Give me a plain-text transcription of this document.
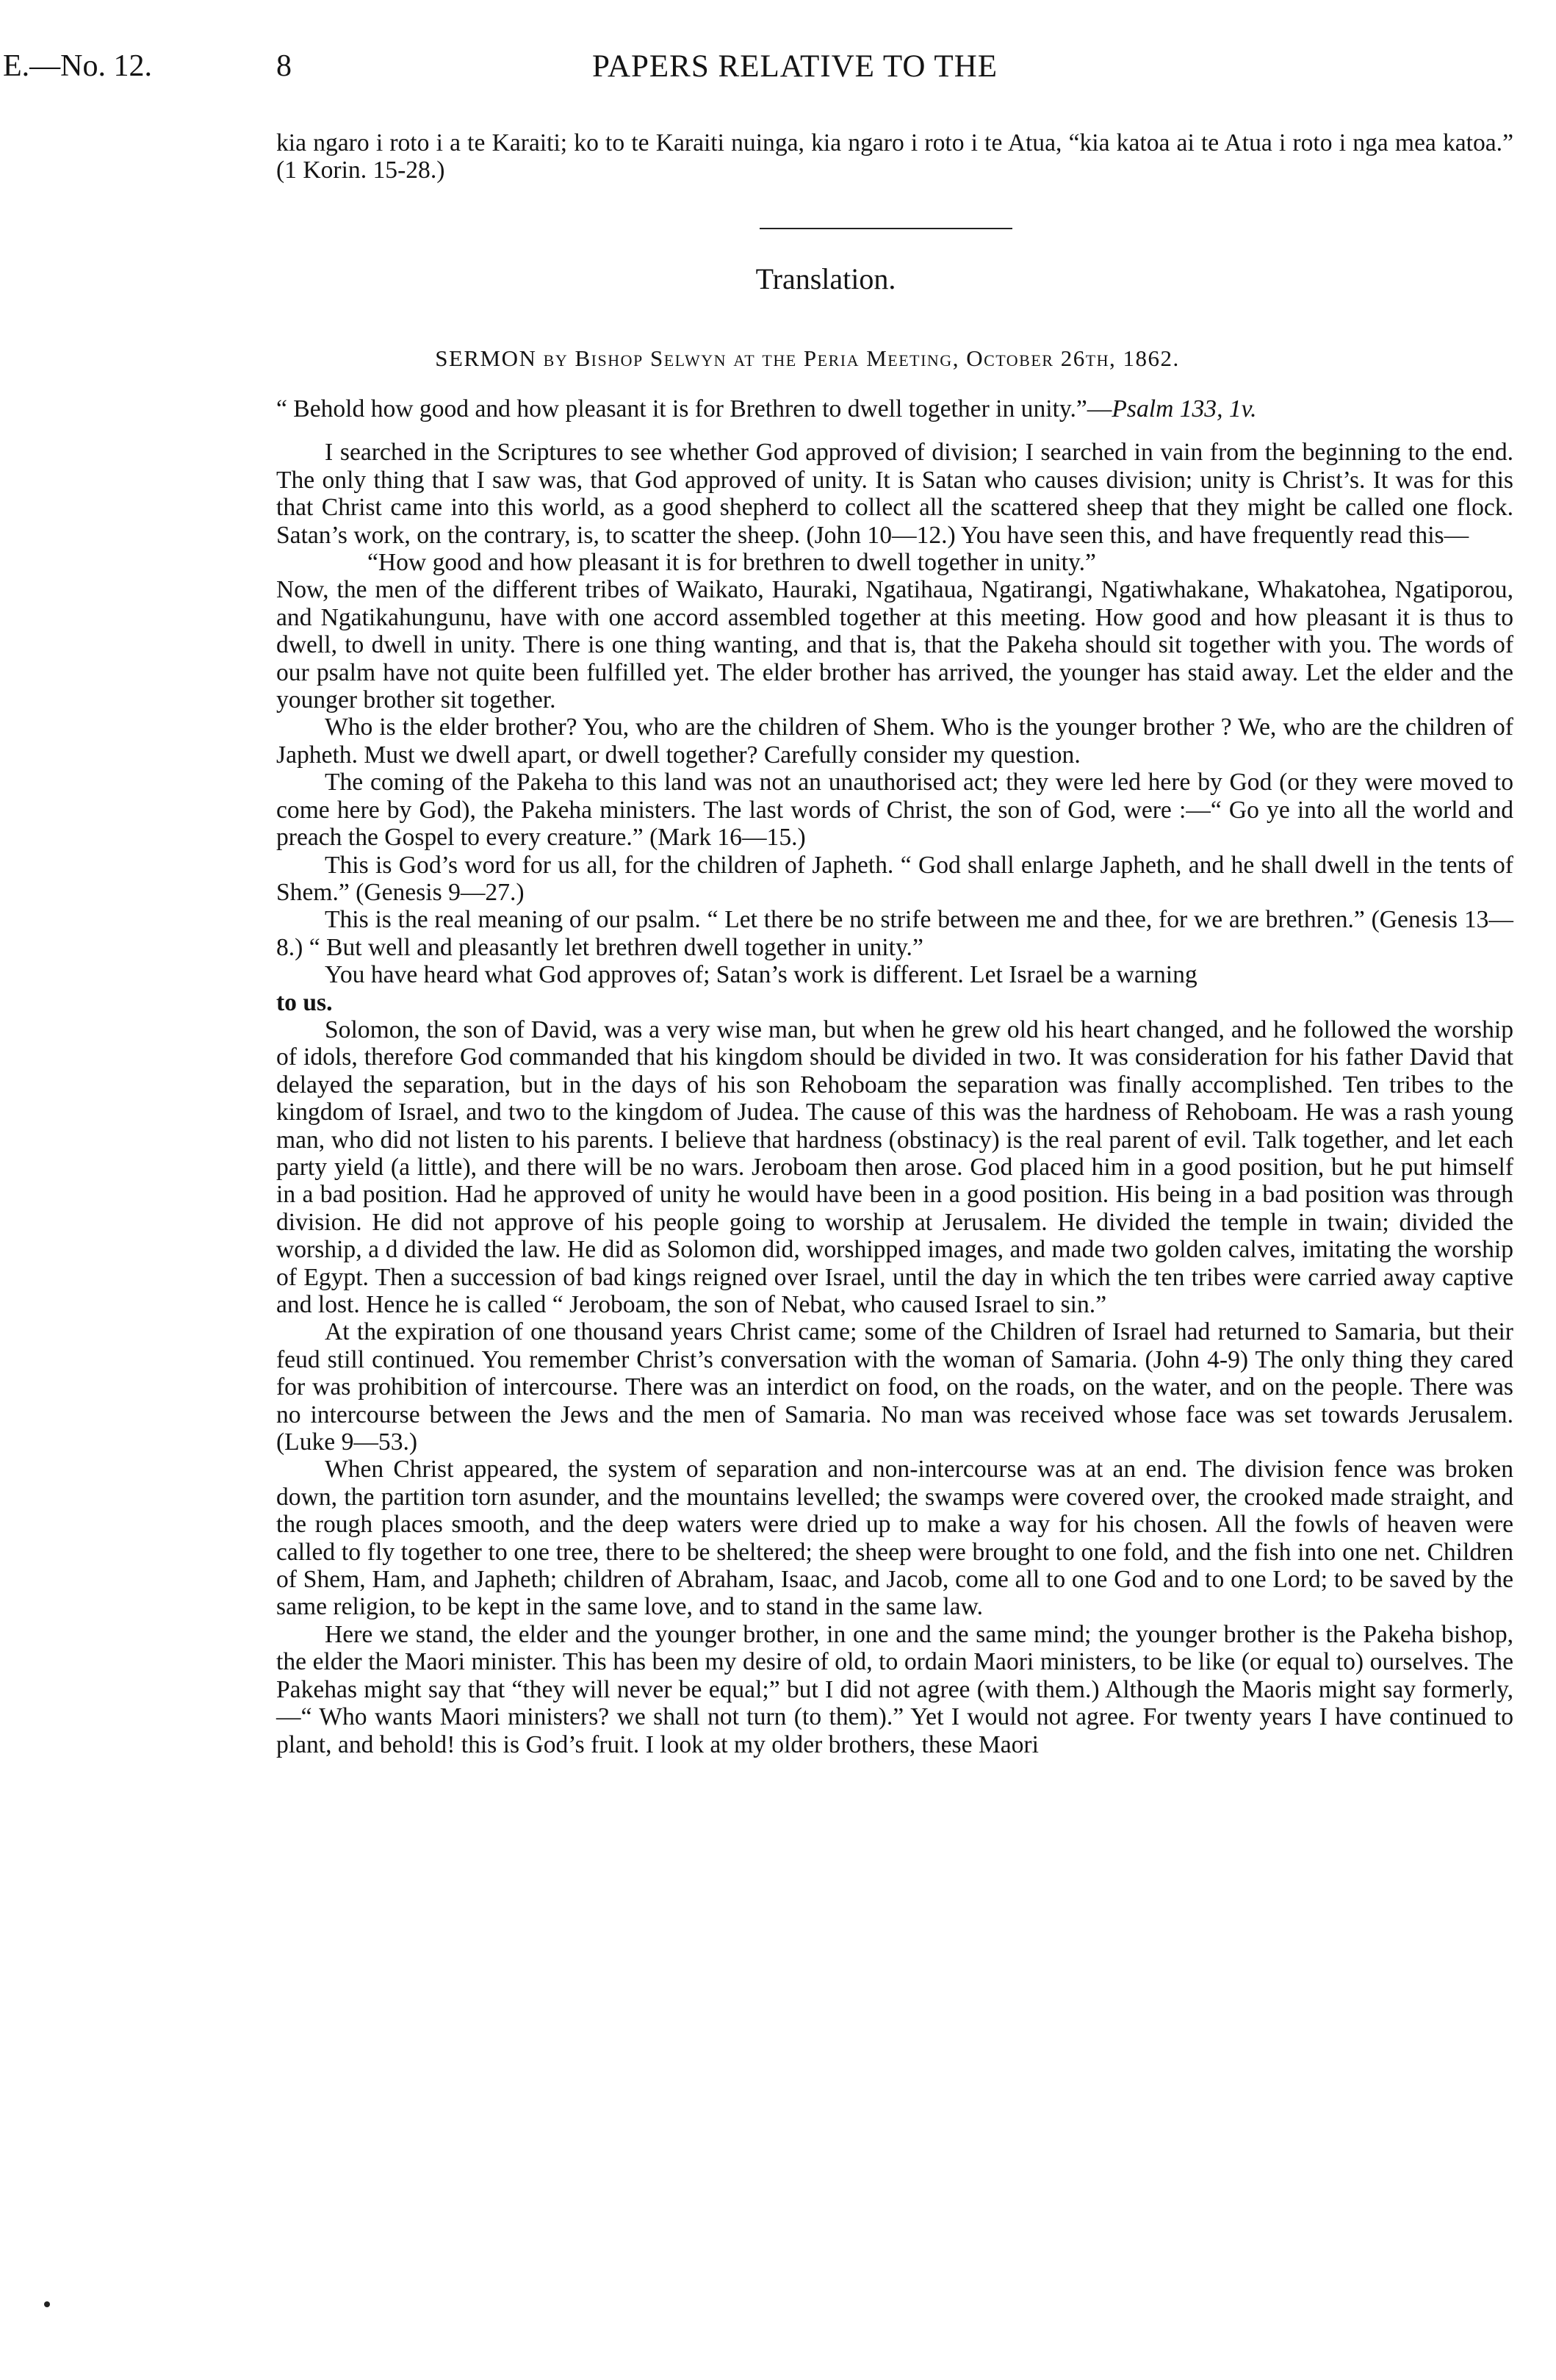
E.—No. 12.	8	PAPERS RELATIVE TO THE

kia ngaro i roto i a te Karaiti; ko to te Karaiti nuinga, kia ngaro i roto i te Atua, “kia katoa ai te Atua i roto i nga mea katoa.” (1 Korin. 15-28.)

Translation.
SERMON by Bishop Selwyn at the Peria Meeting, October 26th, 1862.

“ Behold how good and how pleasant it is for Brethren to dwell together in unity.”—Psalm 133, 1v.

I searched in the Scriptures to see whether God approved of division; I searched in vain from the beginning to the end. The only thing that I saw was, that God approved of unity. It is Satan who causes division; unity is Christ’s. It was for this that Christ came into this world, as a good shepherd to collect all the scattered sheep that they might be called one flock. Satan’s work, on the contrary, is, to scatter the sheep. (John 10—12.) You have seen this, and have frequently read this—

“How good and how pleasant it is for brethren to dwell together in unity.”

Now, the men of the different tribes of Waikato, Hauraki, Ngatihaua, Ngatirangi, Ngatiwhakane, Whakatohea, Ngatiporou, and Ngatikahungunu, have with one accord assembled together at this meeting. How good and how pleasant it is thus to dwell, to dwell in unity. There is one thing wanting, and that is, that the Pakeha should sit together with you. The words of our psalm have not quite been fulfilled yet. The elder brother has arrived, the younger has staid away. Let the elder and the younger brother sit together.

Who is the elder brother? You, who are the children of Shem. Who is the younger brother ? We, who are the children of Japheth. Must we dwell apart, or dwell together? Carefully consider my question.

The coming of the Pakeha to this land was not an unauthorised act; they were led here by God (or they were moved to come here by God), the Pakeha ministers. The last words of Christ, the son of God, were :—“ Go ye into all the world and preach the Gospel to every creature.” (Mark 16—15.)

This is God’s word for us all, for the children of Japheth. “ God shall enlarge Japheth, and he shall dwell in the tents of Shem.” (Genesis 9—27.)

This is the real meaning of our psalm. “ Let there be no strife between me and thee, for we are brethren.” (Genesis 13—8.) “ But well and pleasantly let brethren dwell together in unity.”

You have heard what God approves of; Satan’s work is different. Let Israel be a warning

to us.

Solomon, the son of David, was a very wise man, but when he grew old his heart changed, and he followed the worship of idols, therefore God commanded that his kingdom should be divided in two. It was consideration for his father David that delayed the separation, but in the days of his son Rehoboam the separation was finally accomplished. Ten tribes to the kingdom of Israel, and two to the kingdom of Judea. The cause of this was the hardness of Rehoboam. He was a rash young man, who did not listen to his parents. I believe that hardness (obstinacy) is the real parent of evil. Talk together, and let each party yield (a little), and there will be no wars. Jeroboam then arose. God placed him in a good position, but he put himself in a bad position. Had he approved of unity he would have been in a good position. His being in a bad position was through division. He did not approve of his people going to worship at Jerusalem. He divided the temple in twain; divided the worship, a d divided the law. He did as Solomon did, worshipped images, and made two golden calves, imitating the worship of Egypt. Then a succession of bad kings reigned over Israel, until the day in which the ten tribes were carried away captive and lost. Hence he is called “ Jeroboam, the son of Nebat, who caused Israel to sin.”

At the expiration of one thousand years Christ came; some of the Children of Israel had returned to Samaria, but their feud still continued. You remember Christ’s conversation with the woman of Samaria. (John 4-9) The only thing they cared for was prohibition of intercourse. There was an interdict on food, on the roads, on the water, and on the people. There was no intercourse between the Jews and the men of Samaria. No man was received whose face was set towards Jerusalem. (Luke 9—53.)

When Christ appeared, the system of separation and non-intercourse was at an end. The division fence was broken down, the partition torn asunder, and the mountains levelled; the swamps were covered over, the crooked made straight, and the rough places smooth, and the deep waters were dried up to make a way for his chosen. All the fowls of heaven were called to fly together to one tree, there to be sheltered; the sheep were brought to one fold, and the fish into one net. Children of Shem, Ham, and Japheth; children of Abraham, Isaac, and Jacob, come all to one God and to one Lord; to be saved by the same religion, to be kept in the same love, and to stand in the same law.

Here we stand, the elder and the younger brother, in one and the same mind; the younger brother is the Pakeha bishop, the elder the Maori minister. This has been my desire of old, to ordain Maori ministers, to be like (or equal to) ourselves. The Pakehas might say that “they will never be equal;” but I did not agree (with them.) Although the Maoris might say formerly,—“ Who wants Maori ministers? we shall not turn (to them).” Yet I would not agree. For twenty years I have continued to plant, and behold! this is God’s fruit. I look at my older brothers, these Maori
